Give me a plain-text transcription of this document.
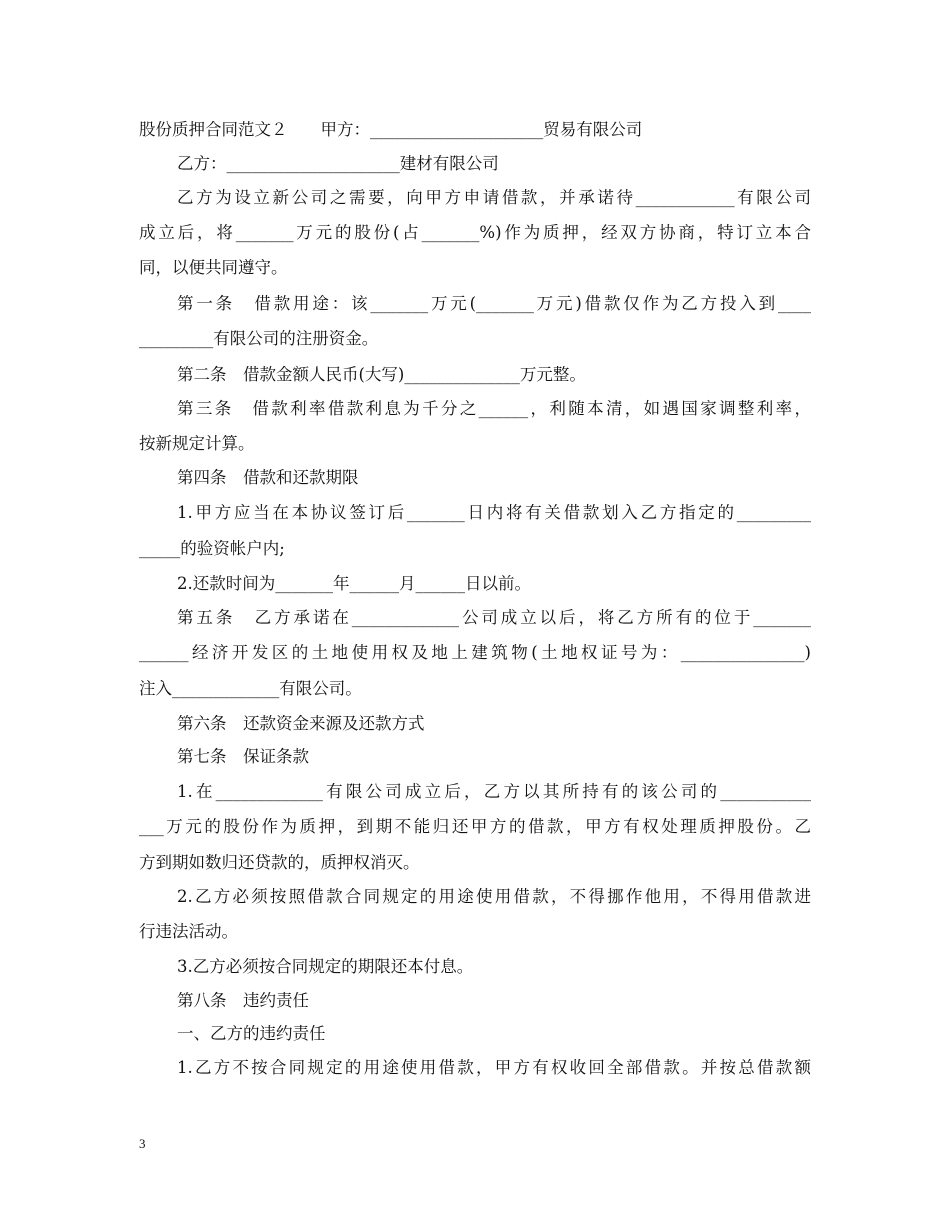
股份质押合同范文２　　甲方：_____________________贸易有限公司
乙方：_____________________建材有限公司
乙方为设立新公司之需要，向甲方申请借款，并承诺待____________有限公司
成立后，将_______万元的股份(占_______%)作为质押，经双方协商，特订立本合
同，以便共同遵守。
第一条　借款用途：该_______万元(_______万元)借款仅作为乙方投入到____
_________有限公司的注册资金。
第二条　借款金额人民币(大写)______________万元整。
第三条　借款利率借款利息为千分之______，利随本清，如遇国家调整利率，
按新规定计算。
第四条　借款和还款期限
1.甲方应当在本协议签订后_______日内将有关借款划入乙方指定的_________
_____的验资帐户内;
2.还款时间为_______年______月______日以前。
第五条　乙方承诺在_____________公司成立以后，将乙方所有的位于_______
______经济开发区的土地使用权及地上建筑物(土地权证号为：_______________)
注入_____________有限公司。
第六条　还款资金来源及还款方式
第七条　保证条款
1.在_____________有限公司成立后，乙方以其所持有的该公司的___________
___万元的股份作为质押，到期不能归还甲方的借款，甲方有权处理质押股份。乙
方到期如数归还贷款的，质押权消灭。
2.乙方必须按照借款合同规定的用途使用借款，不得挪作他用，不得用借款进
行违法活动。
3.乙方必须按合同规定的期限还本付息。
第八条　违约责任
一、乙方的违约责任
1.乙方不按合同规定的用途使用借款，甲方有权收回全部借款。并按总借款额
3
